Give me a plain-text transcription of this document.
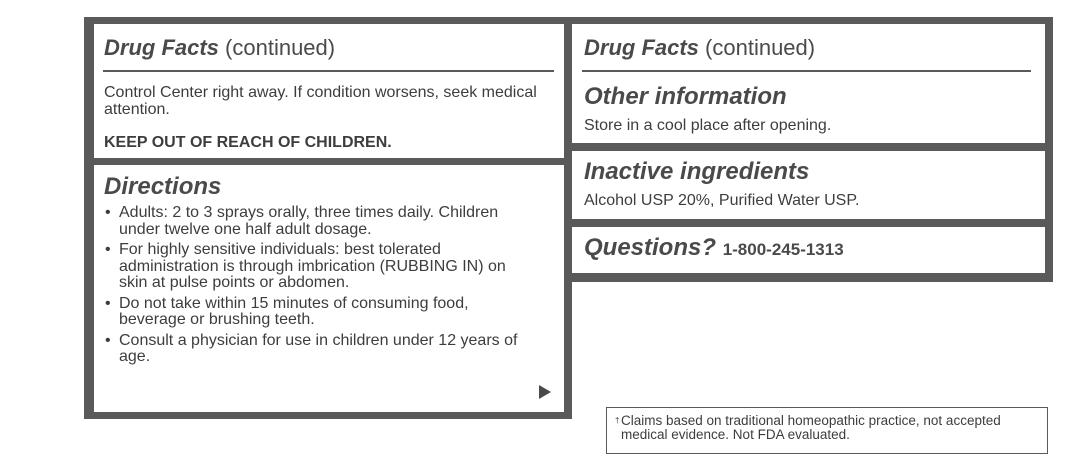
Drug Facts (continued)
Control Center right away. If condition worsens, seek medical attention.
KEEP OUT OF REACH OF CHILDREN.
Directions
• Adults: 2 to 3 sprays orally, three times daily. Children under twelve one half adult dosage.
• For highly sensitive individuals: best tolerated administration is through imbrication (RUBBING IN) on skin at pulse points or abdomen.
• Do not take within 15 minutes of consuming food, beverage or brushing teeth.
• Consult a physician for use in children under 12 years of age.
Drug Facts (continued)
Other information
Store in a cool place after opening.
Inactive ingredients
Alcohol USP 20%, Purified Water USP.
Questions? 1-800-245-1313
† Claims based on traditional homeopathic practice, not accepted medical evidence. Not FDA evaluated.
